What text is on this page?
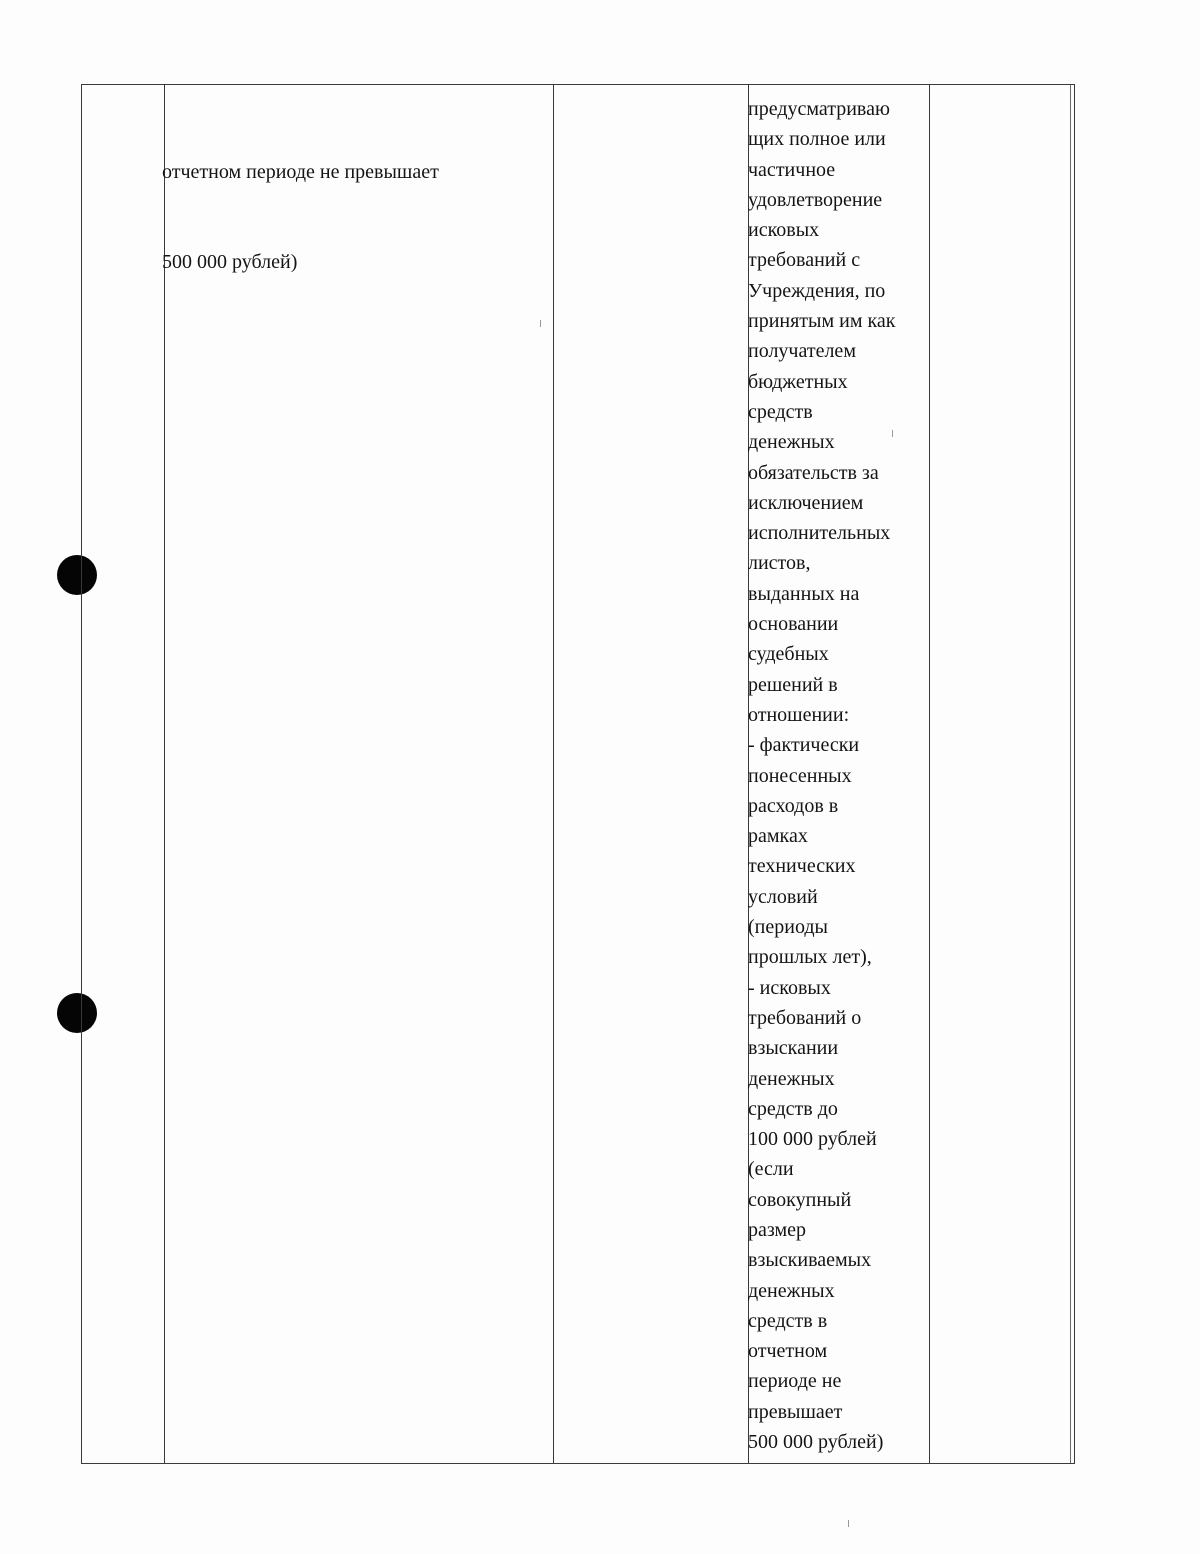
отчетном периоде не превышает

500 000 рублей)

предусматриваю
щих полное или
частичное
удовлетворение
исковых
требований с
Учреждения, по
принятым им как
получателем
бюджетных
средств
денежных
обязательств за
исключением
исполнительных
листов,
выданных на
основании
судебных
решений в
отношении:
- фактически
понесенных
расходов в
рамках
технических
условий
(периоды
прошлых лет),
- исковых
требований о
взыскании
денежных
средств до
100 000 рублей
(если
совокупный
размер
взыскиваемых
денежных
средств в
отчетном
периоде не
превышает
500 000 рублей)
